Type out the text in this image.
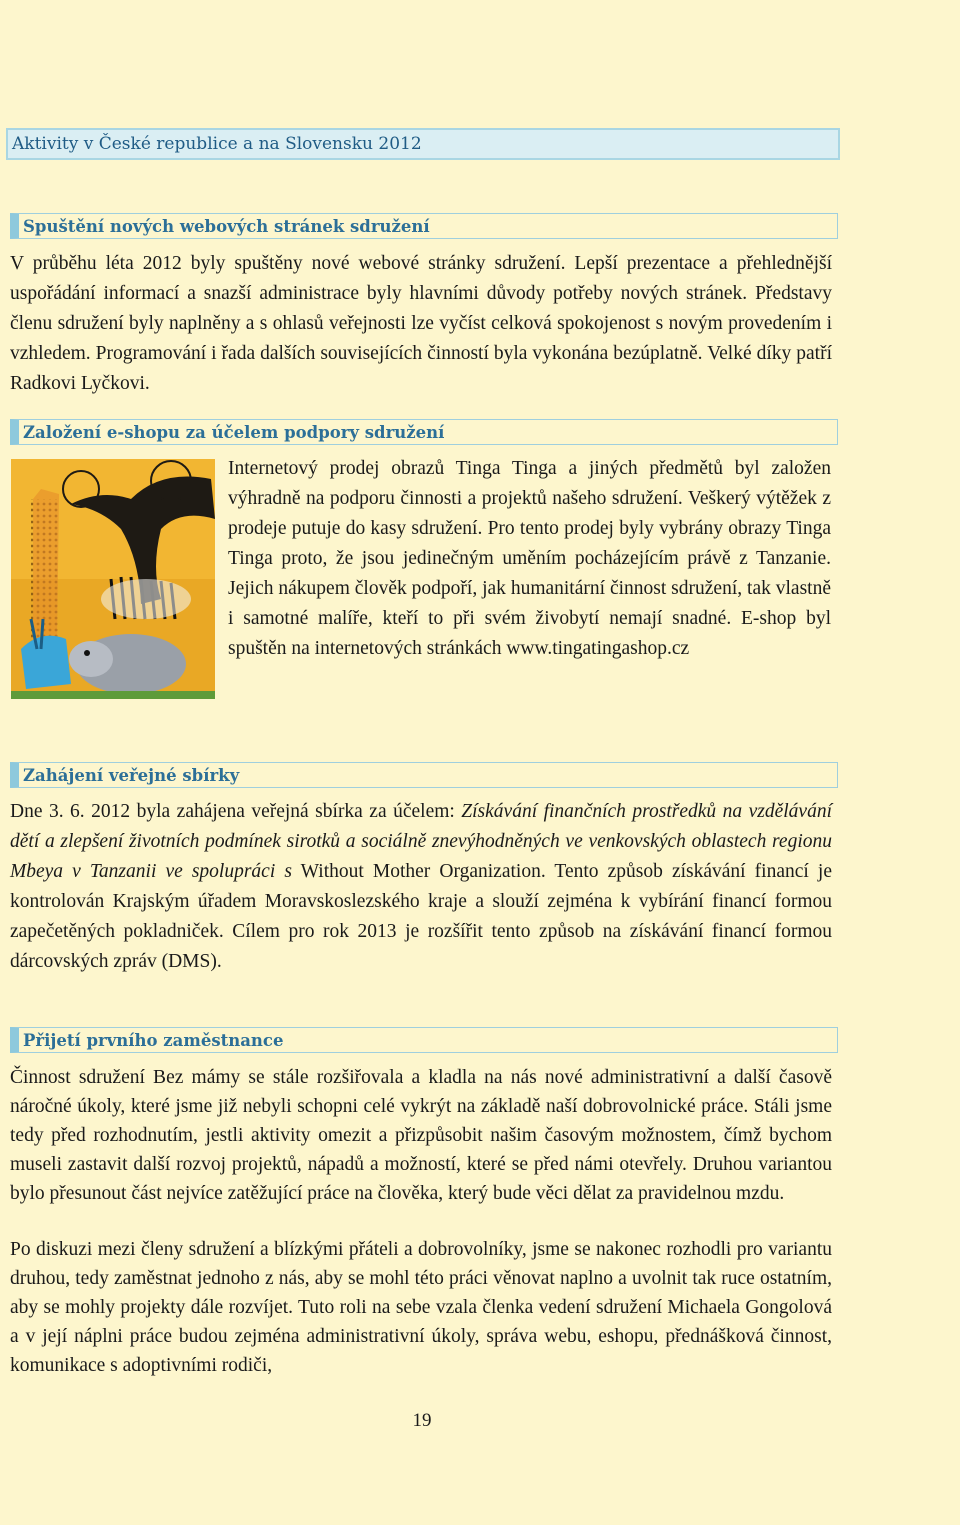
Aktivity v České republice a na Slovensku 2012
Spuštění nových webových stránek sdružení

V průběhu léta 2012 byly spuštěny nové webové stránky sdružení. Lepší prezentace a přehlednější uspořádání informací a snazší administrace byly hlavními důvody potřeby nových stránek. Představy členu sdružení byly naplněny a s ohlasů veřejnosti lze vyčíst celková spokojenost s novým provedením i vzhledem. Programování i řada dalších souvisejících činností byla vykonána bezúplatně. Velké díky patří Radkovi Lyčkovi.

Založení e-shopu za účelem podpory sdružení

Internetový prodej obrazů Tinga Tinga a jiných předmětů byl založen výhradně na podporu činnosti a projektů našeho sdružení. Veškerý výtěžek z prodeje putuje do kasy sdružení. Pro tento prodej byly vybrány obrazy Tinga Tinga proto, že jsou jedinečným uměním pocházejícím právě z Tanzanie. Jejich nákupem člověk podpoří, jak humanitární činnost sdružení, tak vlastně i samotné malíře, kteří to při svém živobytí nemají snadné. E-shop byl spuštěn na internetových stránkách www.tingatingashop.cz

Zahájení veřejné sbírky

Dne 3. 6. 2012 byla zahájena veřejná sbírka za účelem: Získávání finančních prostředků na vzdělávání dětí a zlepšení životních podmínek sirotků a sociálně znevýhodněných ve venkovských oblastech regionu Mbeya v Tanzanii ve spolupráci s Without Mother Organization. Tento způsob získávání financí je kontrolován Krajským úřadem Moravskoslezského kraje a slouží zejména k vybírání financí formou zapečetěných pokladniček. Cílem pro rok 2013 je rozšířit tento způsob na získávání financí formou dárcovských zpráv (DMS).

Přijetí prvního zaměstnance

Činnost sdružení Bez mámy se stále rozšiřovala a kladla na nás nové administrativní a další časově náročné úkoly, které jsme již nebyli schopni celé vykrýt na základě naší dobrovolnické práce. Stáli jsme tedy před rozhodnutím, jestli aktivity omezit a přizpůsobit našim časovým možnostem, čímž bychom museli zastavit další rozvoj projektů, nápadů a možností, které se před námi otevřely. Druhou variantou bylo přesunout část nejvíce zatěžující práce na člověka, který bude věci dělat za pravidelnou mzdu.

Po diskuzi mezi členy sdružení a blízkými přáteli a dobrovolníky, jsme se nakonec rozhodli pro variantu druhou, tedy zaměstnat jednoho z nás, aby se mohl této práci věnovat naplno a uvolnit tak ruce ostatním, aby se mohly projekty dále rozvíjet. Tuto roli na sebe vzala členka vedení sdružení Michaela Gongolová a v její náplni práce budou zejména administrativní úkoly, správa webu, eshopu, přednášková činnost, komunikace s adoptivními rodiči,

19
